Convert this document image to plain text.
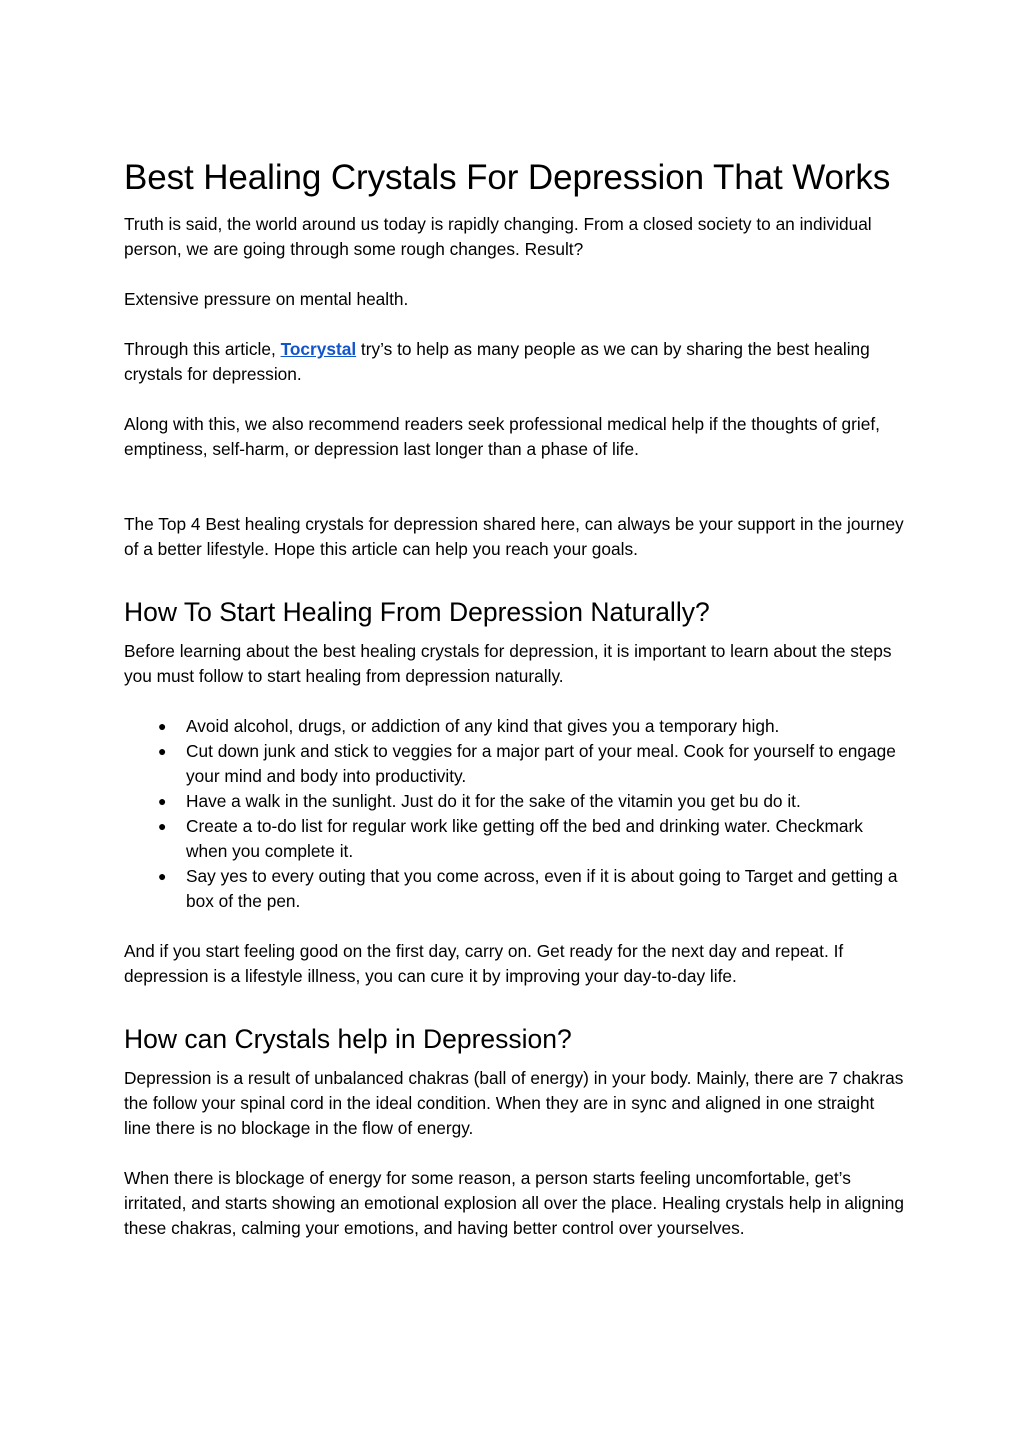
Best Healing Crystals For Depression That Works

Truth is said, the world around us today is rapidly changing. From a closed society to an individual person, we are going through some rough changes. Result?

Extensive pressure on mental health.

Through this article, Tocrystal try’s to help as many people as we can by sharing the best healing crystals for depression.

Along with this, we also recommend readers seek professional medical help if the thoughts of grief, emptiness, self-harm, or depression last longer than a phase of life.

The Top 4 Best healing crystals for depression shared here, can always be your support in the journey of a better lifestyle. Hope this article can help you reach your goals.

How To Start Healing From Depression Naturally?

Before learning about the best healing crystals for depression, it is important to learn about the steps you must follow to start healing from depression naturally.

● Avoid alcohol, drugs, or addiction of any kind that gives you a temporary high.
● Cut down junk and stick to veggies for a major part of your meal. Cook for yourself to engage your mind and body into productivity.
● Have a walk in the sunlight. Just do it for the sake of the vitamin you get bu do it.
● Create a to-do list for regular work like getting off the bed and drinking water. Checkmark when you complete it.
● Say yes to every outing that you come across, even if it is about going to Target and getting a box of the pen.

And if you start feeling good on the first day, carry on. Get ready for the next day and repeat. If depression is a lifestyle illness, you can cure it by improving your day-to-day life.

How can Crystals help in Depression?

Depression is a result of unbalanced chakras (ball of energy) in your body. Mainly, there are 7 chakras the follow your spinal cord in the ideal condition. When they are in sync and aligned in one straight line there is no blockage in the flow of energy.

When there is blockage of energy for some reason, a person starts feeling uncomfortable, get’s irritated, and starts showing an emotional explosion all over the place. Healing crystals help in aligning these chakras, calming your emotions, and having better control over yourselves.
